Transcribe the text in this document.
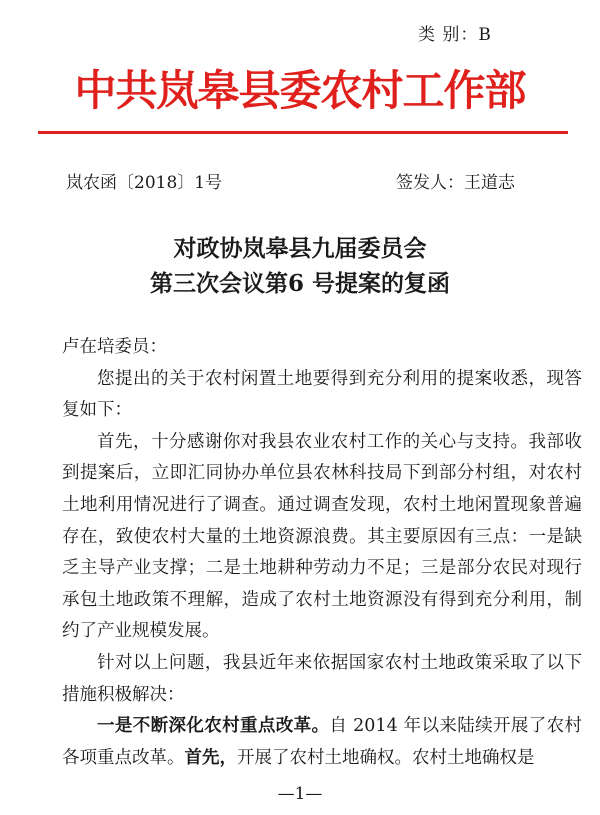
类 别：B
中共岚皋县委农村工作部
岚农函〔2018〕1号	签发人：王道志
对政协岚皋县九届委员会
第三次会议第6 号提案的复函

卢在培委员：

您提出的关于农村闲置土地要得到充分利用的提案收悉，现答复如下：

首先，十分感谢你对我县农业农村工作的关心与支持。我部收到提案后，立即汇同协办单位县农林科技局下到部分村组，对农村土地利用情况进行了调查。通过调查发现，农村土地闲置现象普遍存在，致使农村大量的土地资源浪费。其主要原因有三点：一是缺乏主导产业支撑；二是土地耕种劳动力不足；三是部分农民对现行承包土地政策不理解，造成了农村土地资源没有得到充分利用，制约了产业规模发展。

针对以上问题，我县近年来依据国家农村土地政策采取了以下措施积极解决：

一是不断深化农村重点改革。自 2014 年以来陆续开展了农村各项重点改革。首先，开展了农村土地确权。农村土地确权是

—1—
